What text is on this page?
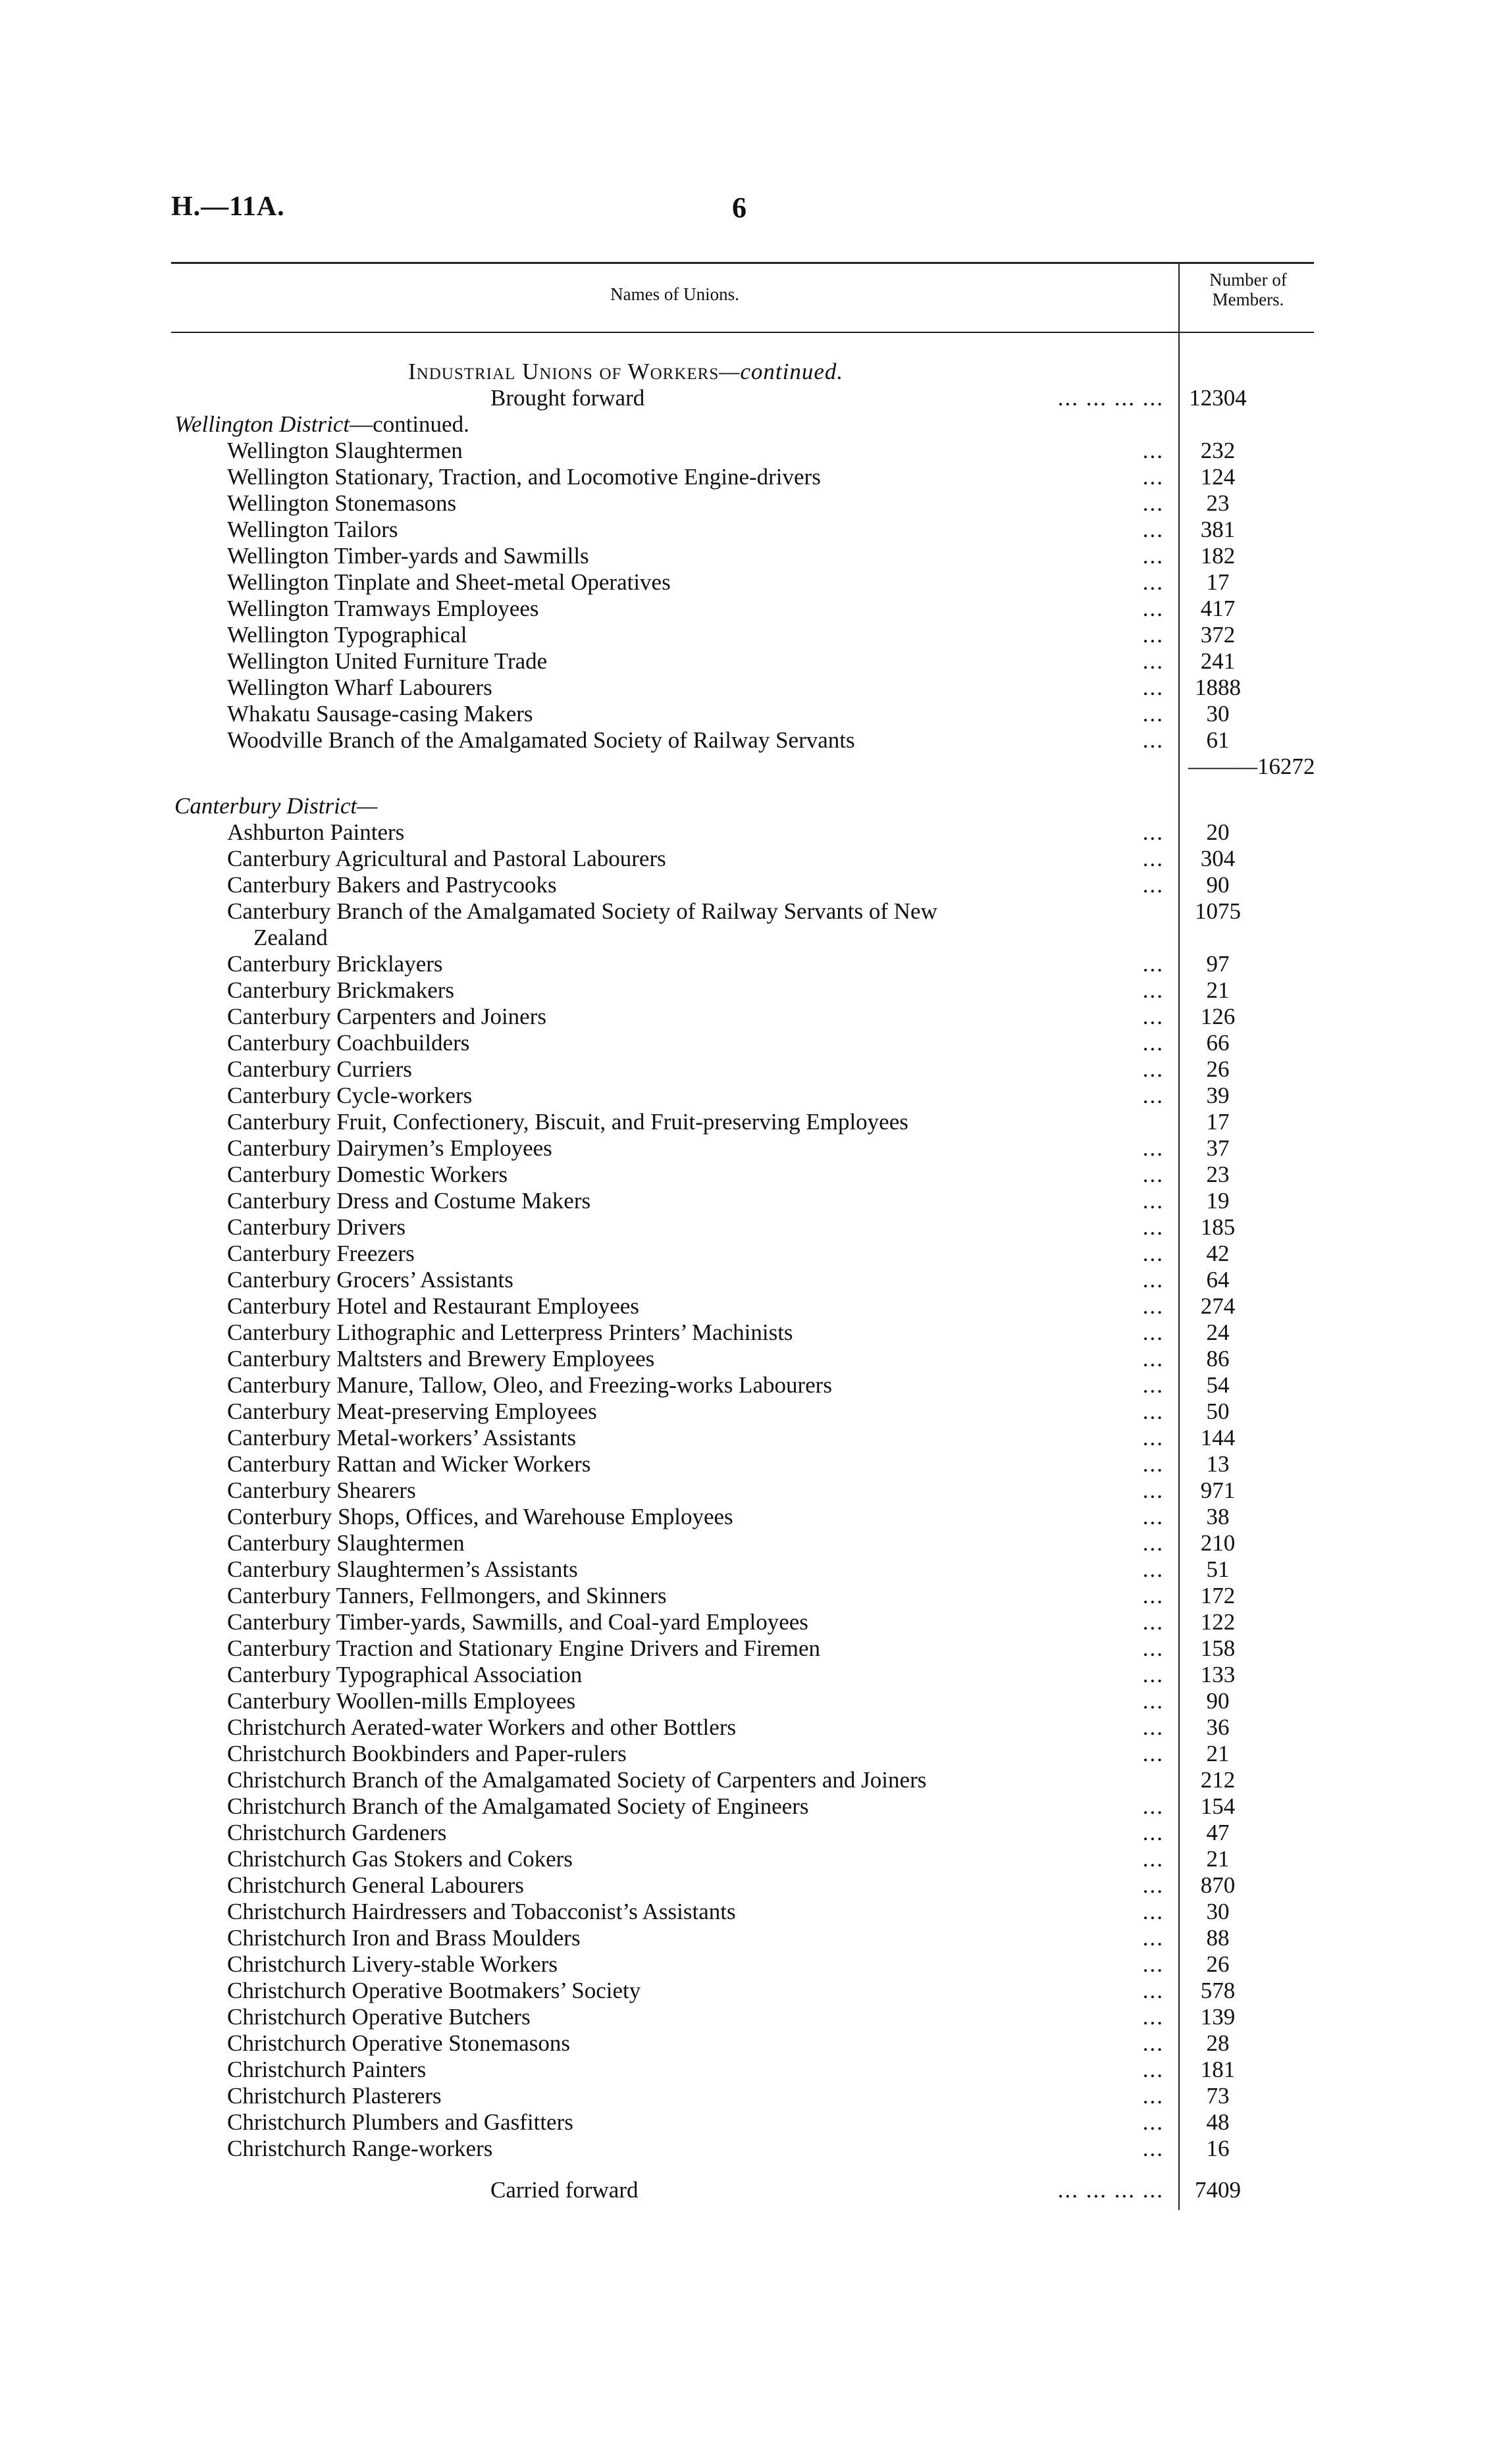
H.—11A.	6
Names of Unions.
Number of
Members.
Industrial Unions of Workers—continued.
Brought forward	... ... ... ... 12304
Wellington District—continued.
Wellington Slaughtermen	...	232
Wellington Stationary, Traction, and Locomotive Engine-drivers	...	124
Wellington Stonemasons	...	23
Wellington Tailors	...	381
Wellington Timber-yards and Sawmills	...	182
Wellington Tinplate and Sheet-metal Operatives	...	17
Wellington Tramways Employees	...	417
Wellington Typographical	...	372
Wellington United Furniture Trade	...	241
Wellington Wharf Labourers	...	1888
Whakatu Sausage-casing Makers	...	30
Woodville Branch of the Amalgamated Society of Railway Servants	...	61
———16272
Canterbury District—
Ashburton Painters	...	20
Canterbury Agricultural and Pastoral Labourers	...	304
Canterbury Bakers and Pastrycooks	...	90
Canterbury Branch of the Amalgamated Society of Railway Servants of New	1075
Zealand
Canterbury Bricklayers	...	97
Canterbury Brickmakers	...	21
Canterbury Carpenters and Joiners	...	126
Canterbury Coachbuilders	...	66
Canterbury Curriers	...	26
Canterbury Cycle-workers	...	39
Canterbury Fruit, Confectionery, Biscuit, and Fruit-preserving Employees	17
Canterbury Dairymen’s Employees	...	37
Canterbury Domestic Workers	...	23
Canterbury Dress and Costume Makers	...	19
Canterbury Drivers	...	185
Canterbury Freezers	...	42
Canterbury Grocers’ Assistants	...	64
Canterbury Hotel and Restaurant Employees	...	274
Canterbury Lithographic and Letterpress Printers’ Machinists	...	24
Canterbury Maltsters and Brewery Employees	...	86
Canterbury Manure, Tallow, Oleo, and Freezing-works Labourers	...	54
Canterbury Meat-preserving Employees	...	50
Canterbury Metal-workers’ Assistants	...	144
Canterbury Rattan and Wicker Workers	...	13
Canterbury Shearers	...	971
Conterbury Shops, Offices, and Warehouse Employees	...	38
Canterbury Slaughtermen	...	210
Canterbury Slaughtermen’s Assistants	...	51
Canterbury Tanners, Fellmongers, and Skinners	...	172
Canterbury Timber-yards, Sawmills, and Coal-yard Employees	...	122
Canterbury Traction and Stationary Engine Drivers and Firemen	...	158
Canterbury Typographical Association	...	133
Canterbury Woollen-mills Employees	...	90
Christchurch Aerated-water Workers and other Bottlers	...	36
Christchurch Bookbinders and Paper-rulers	...	21
Christchurch Branch of the Amalgamated Society of Carpenters and Joiners	212
Christchurch Branch of the Amalgamated Society of Engineers	...	154
Christchurch Gardeners	...	47
Christchurch Gas Stokers and Cokers	...	21
Christchurch General Labourers	...	870
Christchurch Hairdressers and Tobacconist’s Assistants	...	30
Christchurch Iron and Brass Moulders	...	88
Christchurch Livery-stable Workers	...	26
Christchurch Operative Bootmakers’ Society	...	578
Christchurch Operative Butchers	...	139
Christchurch Operative Stonemasons	...	28
Christchurch Painters	...	181
Christchurch Plasterers	...	73
Christchurch Plumbers and Gasfitters	...	48
Christchurch Range-workers	...	16
Carried forward	... ... ... ...	7409
